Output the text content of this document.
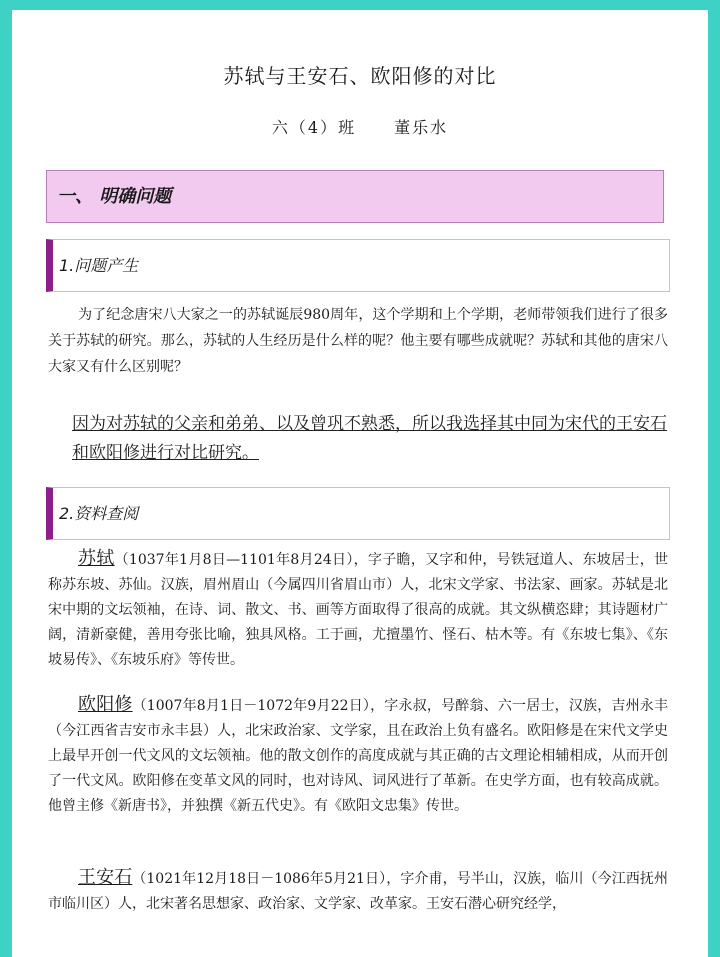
苏轼与王安石、欧阳修的对比
六（4）班 董乐水
一、 明确问题
1.问题产生
为了纪念唐宋八大家之一的苏轼诞辰980周年，这个学期和上个学期，老师带领我们进行了很多关于苏轼的研究。那么，苏轼的人生经历是什么样的呢？他主要有哪些成就呢？苏轼和其他的唐宋八大家又有什么区别呢？
因为对苏轼的父亲和弟弟、以及曾巩不熟悉，所以我选择其中同为宋代的王安石和欧阳修进行对比研究。
2.资料查阅
苏轼（1037年1月8日—1101年8月24日），字子瞻，又字和仲，号铁冠道人、东坡居士，世称苏东坡、苏仙。汉族，眉州眉山（今属四川省眉山市）人，北宋文学家、书法家、画家。苏轼是北宋中期的文坛领袖，在诗、词、散文、书、画等方面取得了很高的成就。其文纵横恣肆；其诗题材广阔，清新豪健，善用夸张比喻，独具风格。工于画，尤擅墨竹、怪石、枯木等。有《东坡七集》、《东坡易传》、《东坡乐府》等传世。
欧阳修（1007年8月1日－1072年9月22日），字永叔，号醉翁、六一居士，汉族，吉州永丰（今江西省吉安市永丰县）人，北宋政治家、文学家，且在政治上负有盛名。欧阳修是在宋代文学史上最早开创一代文风的文坛领袖。他的散文创作的高度成就与其正确的古文理论相辅相成，从而开创了一代文风。欧阳修在变革文风的同时，也对诗风、词风进行了革新。在史学方面，也有较高成就。 他曾主修《新唐书》，并独撰《新五代史》。有《欧阳文忠集》传世。
王安石（1021年12月18日－1086年5月21日），字介甫，号半山，汉族，临川（今江西抚州市临川区）人，北宋著名思想家、政治家、文学家、改革家。王安石潜心研究经学，
